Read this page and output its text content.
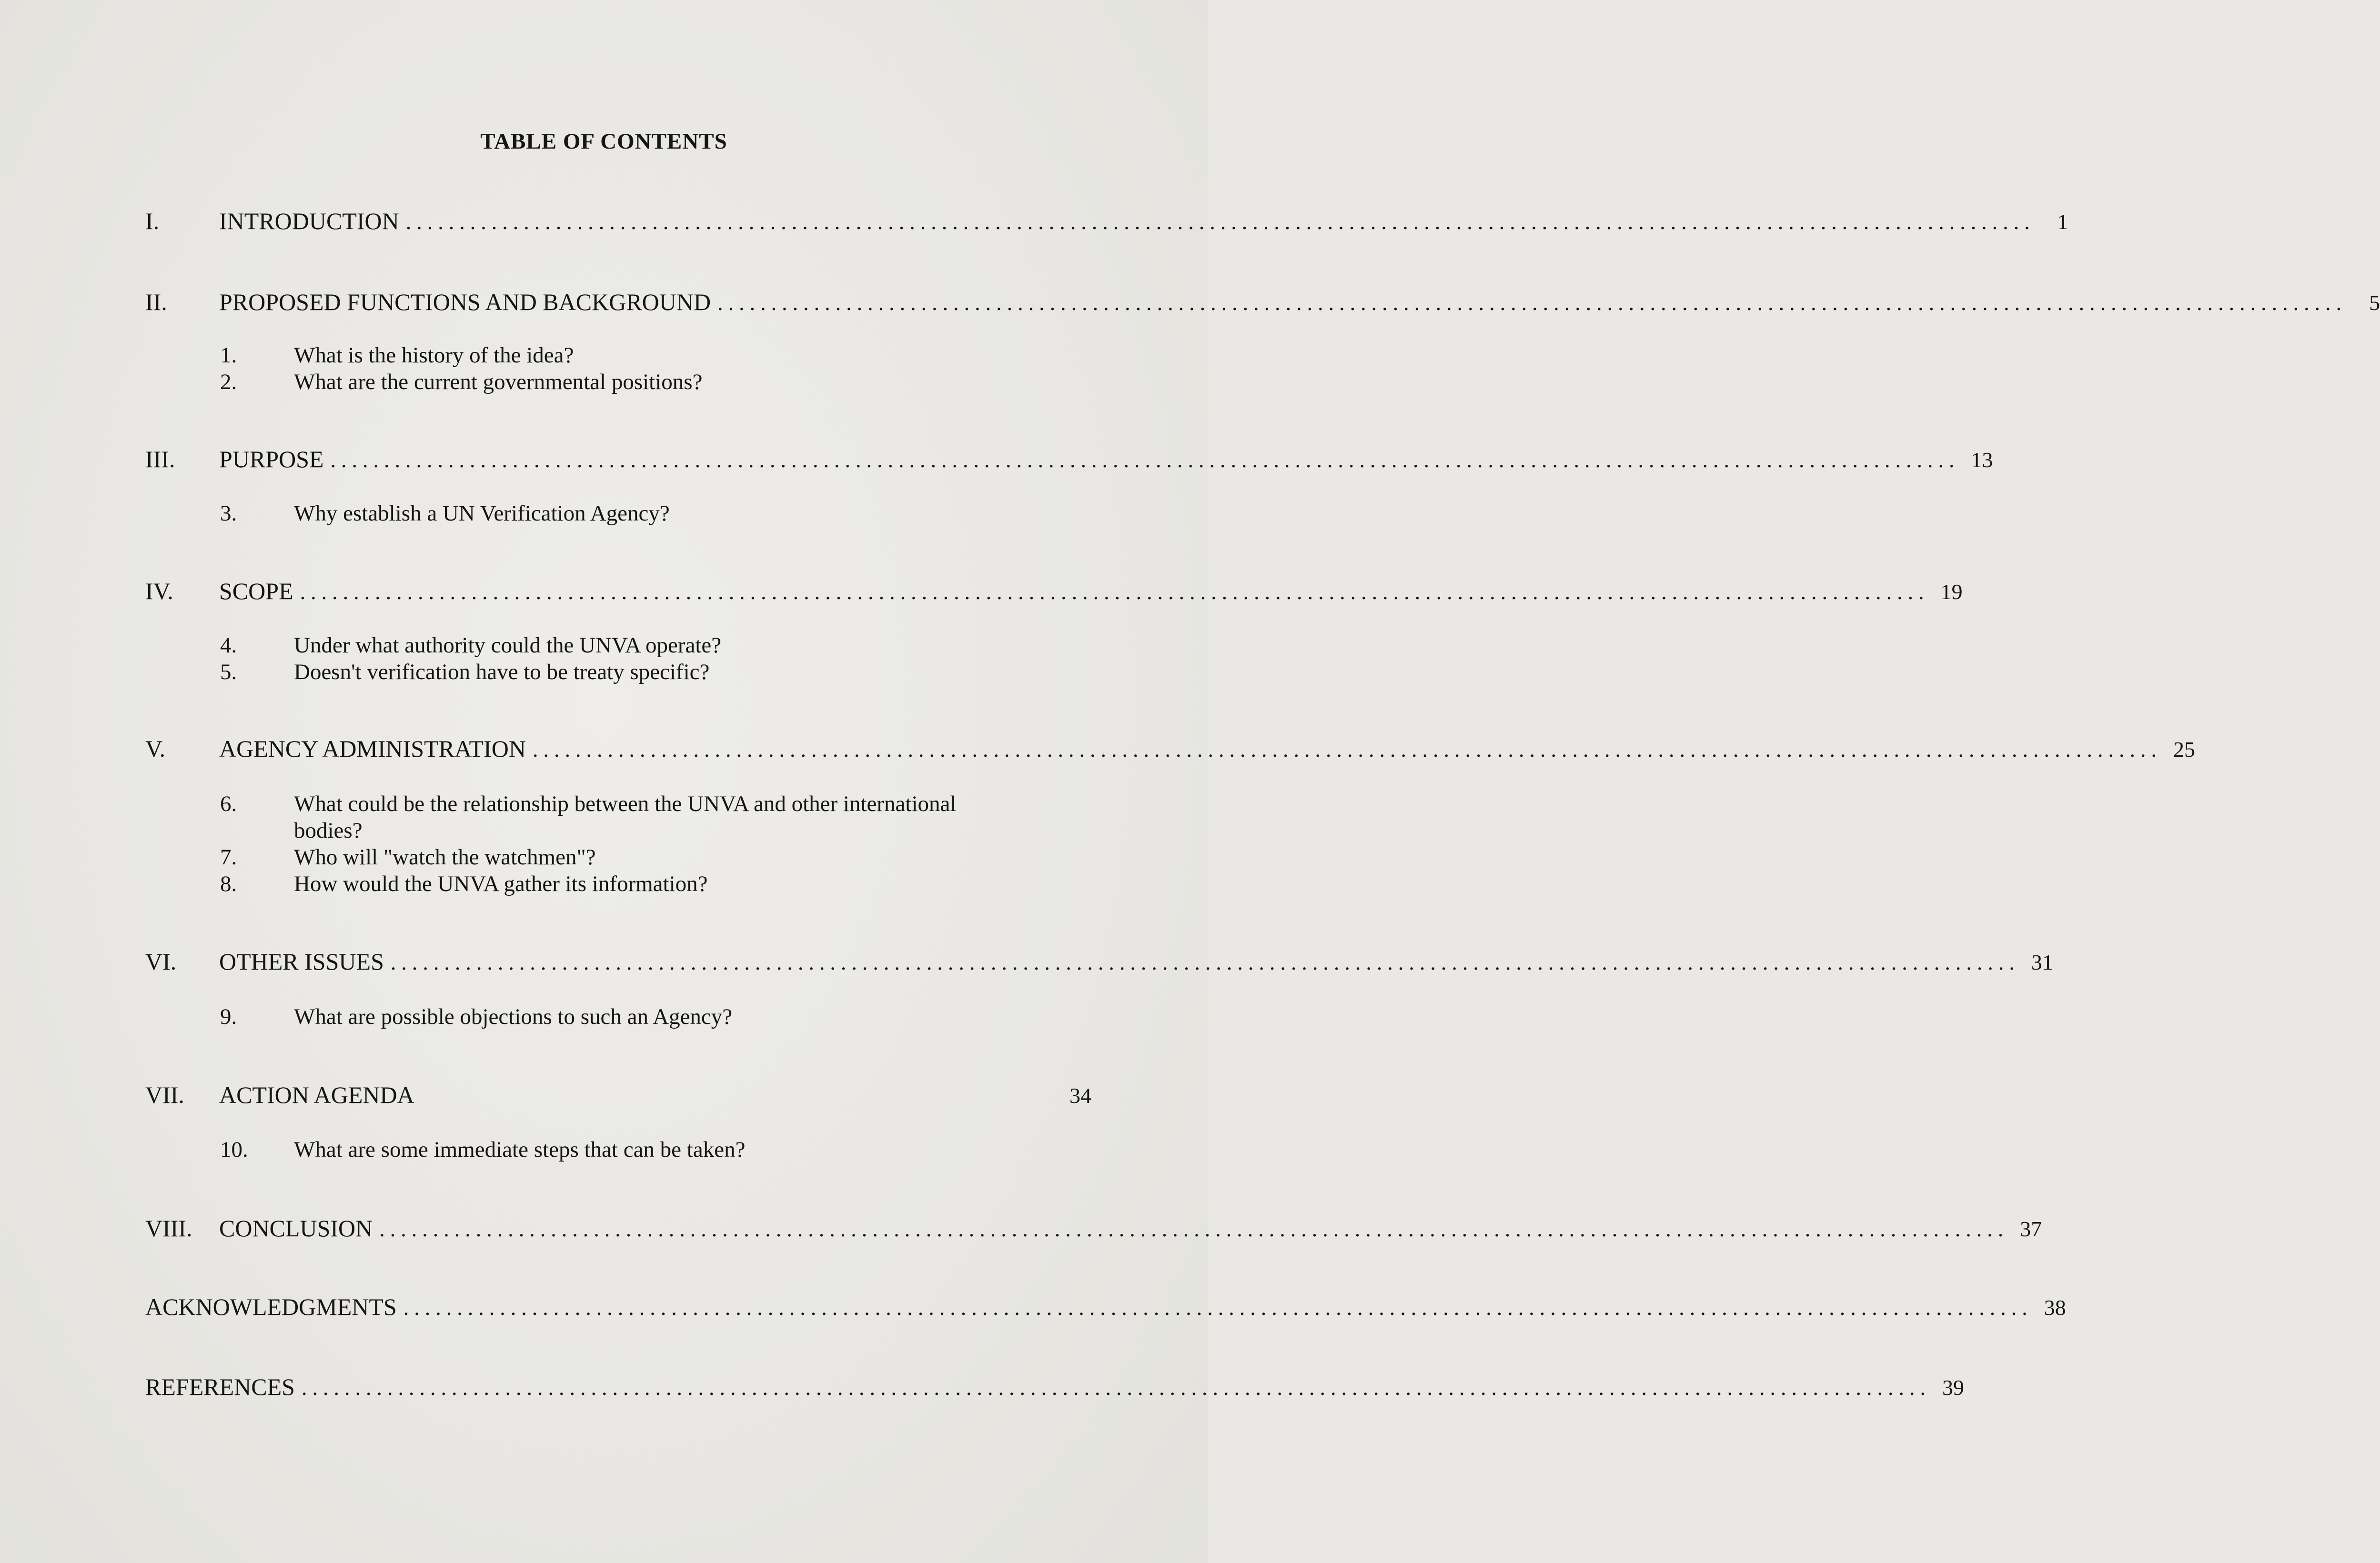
TABLE OF CONTENTS
I.	INTRODUCTION ........................................................................................................................................................	1
II.	PROPOSED FUNCTIONS AND BACKGROUND ........................................................................................................................................................	5
1.	What is the history of the idea?
2.	What are the current governmental positions?
III.	PURPOSE ........................................................................................................................................................ 13
3.	Why establish a UN Verification Agency?
IV.	SCOPE ........................................................................................................................................................ 19
4.	Under what authority could the UNVA operate?
5.	Doesn't verification have to be treaty specific?
V.	AGENCY ADMINISTRATION ........................................................................................................................................................ 25
6.	What could be the relationship between the UNVA and other international bodies?
7.	Who will "watch the watchmen"?
8.	How would the UNVA gather its information?
VI.	OTHER ISSUES ........................................................................................................................................................ 31
9.	What are possible objections to such an Agency?
VII.	ACTION AGENDA	34
10.	What are some immediate steps that can be taken?
VIII.	CONCLUSION ........................................................................................................................................................ 37
ACKNOWLEDGMENTS ........................................................................................................................................................ 38
REFERENCES ........................................................................................................................................................ 39
